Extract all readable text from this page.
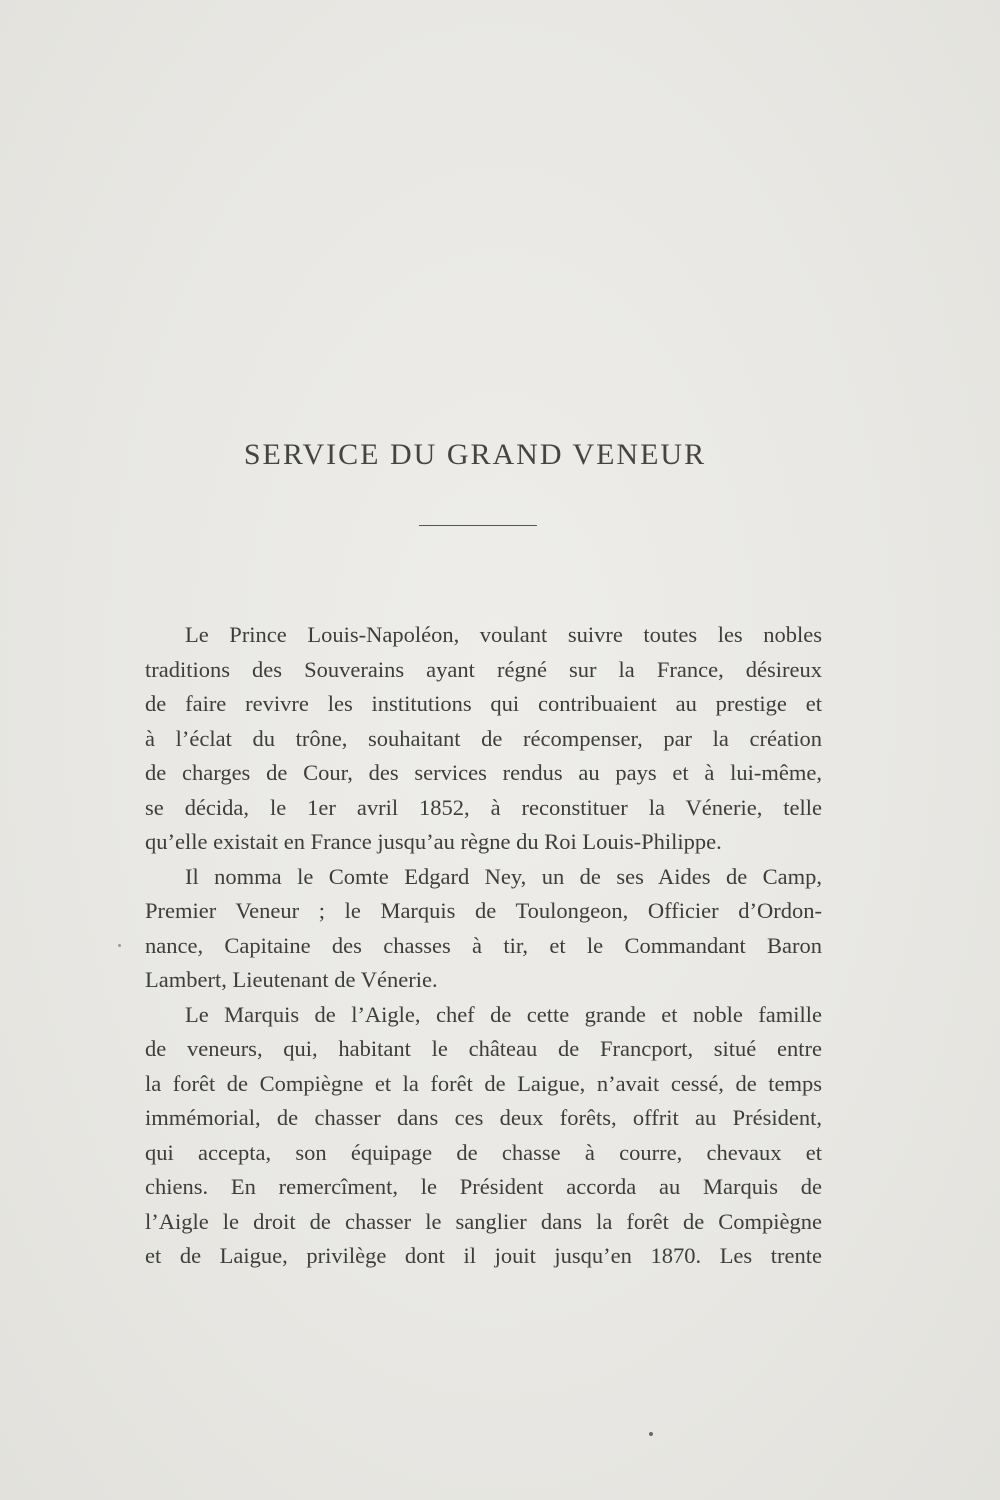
SERVICE DU GRAND VENEUR
Le Prince Louis-Napoléon, voulant suivre toutes les nobles
traditions des Souverains ayant régné sur la France, désireux
de faire revivre les institutions qui contribuaient au prestige et
à l’éclat du trône, souhaitant de récompenser, par la création
de charges de Cour, des services rendus au pays et à lui-même,
se décida, le 1er avril 1852, à reconstituer la Vénerie, telle
qu’elle existait en France jusqu’au règne du Roi Louis-Philippe.
Il nomma le Comte Edgard Ney, un de ses Aides de Camp,
Premier Veneur ; le Marquis de Toulongeon, Officier d’Ordon-
nance, Capitaine des chasses à tir, et le Commandant Baron
Lambert, Lieutenant de Vénerie.
Le Marquis de l’Aigle, chef de cette grande et noble famille
de veneurs, qui, habitant le château de Francport, situé entre
la forêt de Compiègne et la forêt de Laigue, n’avait cessé, de temps
immémorial, de chasser dans ces deux forêts, offrit au Président,
qui accepta, son équipage de chasse à courre, chevaux et
chiens. En remercîment, le Président accorda au Marquis de
l’Aigle le droit de chasser le sanglier dans la forêt de Compiègne
et de Laigue, privilège dont il jouit jusqu’en 1870. Les trente
